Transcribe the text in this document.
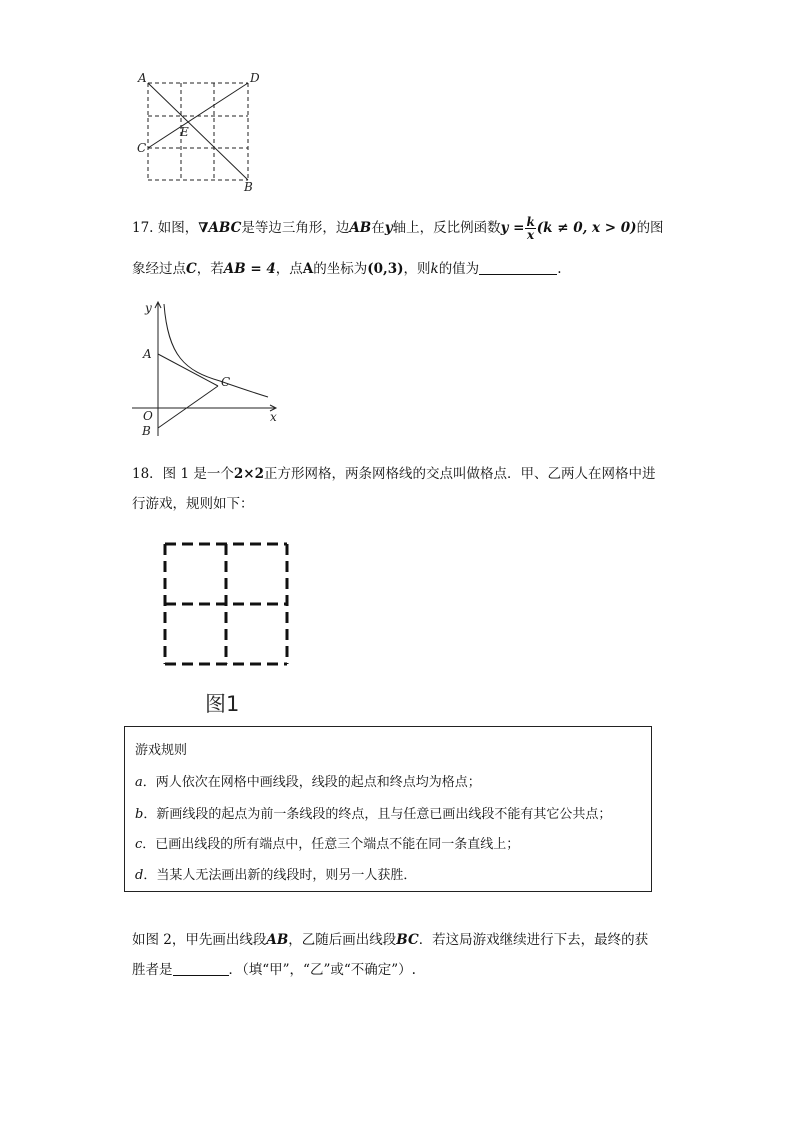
A	D
C
E
B
17. 如图，∇ABC是等边三角形，边AB在y轴上，反比例函数$y = \frac{k}{x} (k \ne 0$, x > 0)的图
象经过点C，若AB = 4，点A的坐标为(0,3)，则k的值为	.
y
A
C
O
B
x
18．图 1 是一个2×2正方形网格，两条网格线的交点叫做格点．甲、乙两人在网格中进
行游戏，规则如下：
图1
游戏规则
a．两人依次在网格中画线段，线段的起点和终点均为格点；
b．新画线段的起点为前一条线段的终点，且与任意已画出线段不能有其它公共点；
c．已画出线段的所有端点中，任意三个端点不能在同一条直线上；
d．当某人无法画出新的线段时，则另一人获胜．
如图 2，甲先画出线段AB，乙随后画出线段BC．若这局游戏继续进行下去，最终的获
胜者是	．（填“甲”，“乙”或“不确定”）.
